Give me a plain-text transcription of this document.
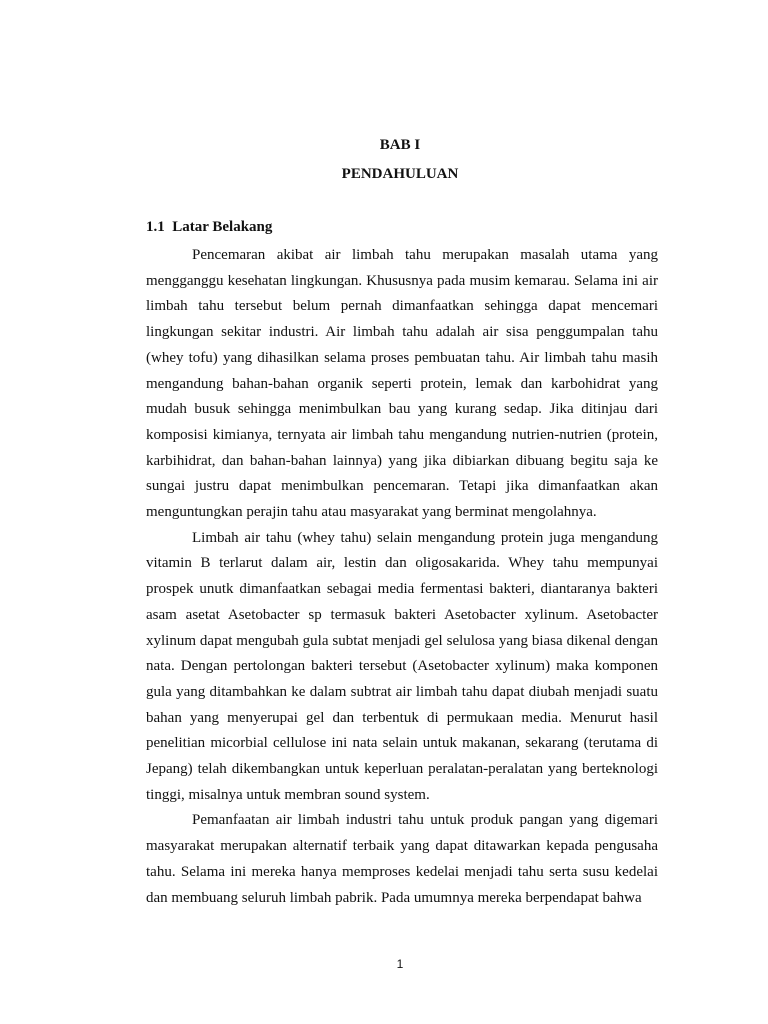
BAB I
PENDAHULUAN
1.1  Latar Belakang

Pencemaran akibat air limbah tahu merupakan masalah utama yang mengganggu kesehatan lingkungan. Khususnya pada musim kemarau. Selama ini air limbah tahu tersebut belum pernah dimanfaatkan sehingga dapat mencemari lingkungan sekitar industri. Air limbah tahu adalah air sisa penggumpalan tahu (whey tofu) yang dihasilkan selama proses pembuatan tahu. Air limbah tahu masih mengandung bahan-bahan organik seperti protein, lemak dan karbohidrat yang mudah busuk sehingga menimbulkan bau yang kurang sedap. Jika ditinjau dari komposisi kimianya, ternyata air limbah tahu mengandung nutrien-nutrien (protein, karbihidrat, dan bahan-bahan lainnya) yang jika dibiarkan dibuang begitu saja ke sungai justru dapat menimbulkan pencemaran. Tetapi jika dimanfaatkan akan menguntungkan perajin tahu atau masyarakat yang berminat mengolahnya.

Limbah air tahu (whey tahu) selain mengandung protein juga mengandung vitamin B terlarut dalam air, lestin dan oligosakarida. Whey tahu mempunyai prospek unutk dimanfaatkan sebagai media fermentasi bakteri, diantaranya bakteri asam asetat Asetobacter sp termasuk bakteri Asetobacter xylinum. Asetobacter xylinum dapat mengubah gula subtat menjadi gel selulosa yang biasa dikenal dengan nata. Dengan pertolongan bakteri tersebut (Asetobacter xylinum) maka komponen gula yang ditambahkan ke dalam subtrat air limbah tahu dapat diubah menjadi suatu bahan yang menyerupai gel dan terbentuk di permukaan media. Menurut hasil penelitian micorbial cellulose ini nata selain untuk makanan, sekarang (terutama di Jepang) telah dikembangkan untuk keperluan peralatan-peralatan yang berteknologi tinggi, misalnya untuk membran sound system.

Pemanfaatan air limbah industri tahu untuk produk pangan yang digemari masyarakat merupakan alternatif terbaik yang dapat ditawarkan kepada pengusaha tahu. Selama ini mereka hanya memproses kedelai menjadi tahu serta susu kedelai dan membuang seluruh limbah pabrik. Pada umumnya mereka berpendapat bahwa

1
